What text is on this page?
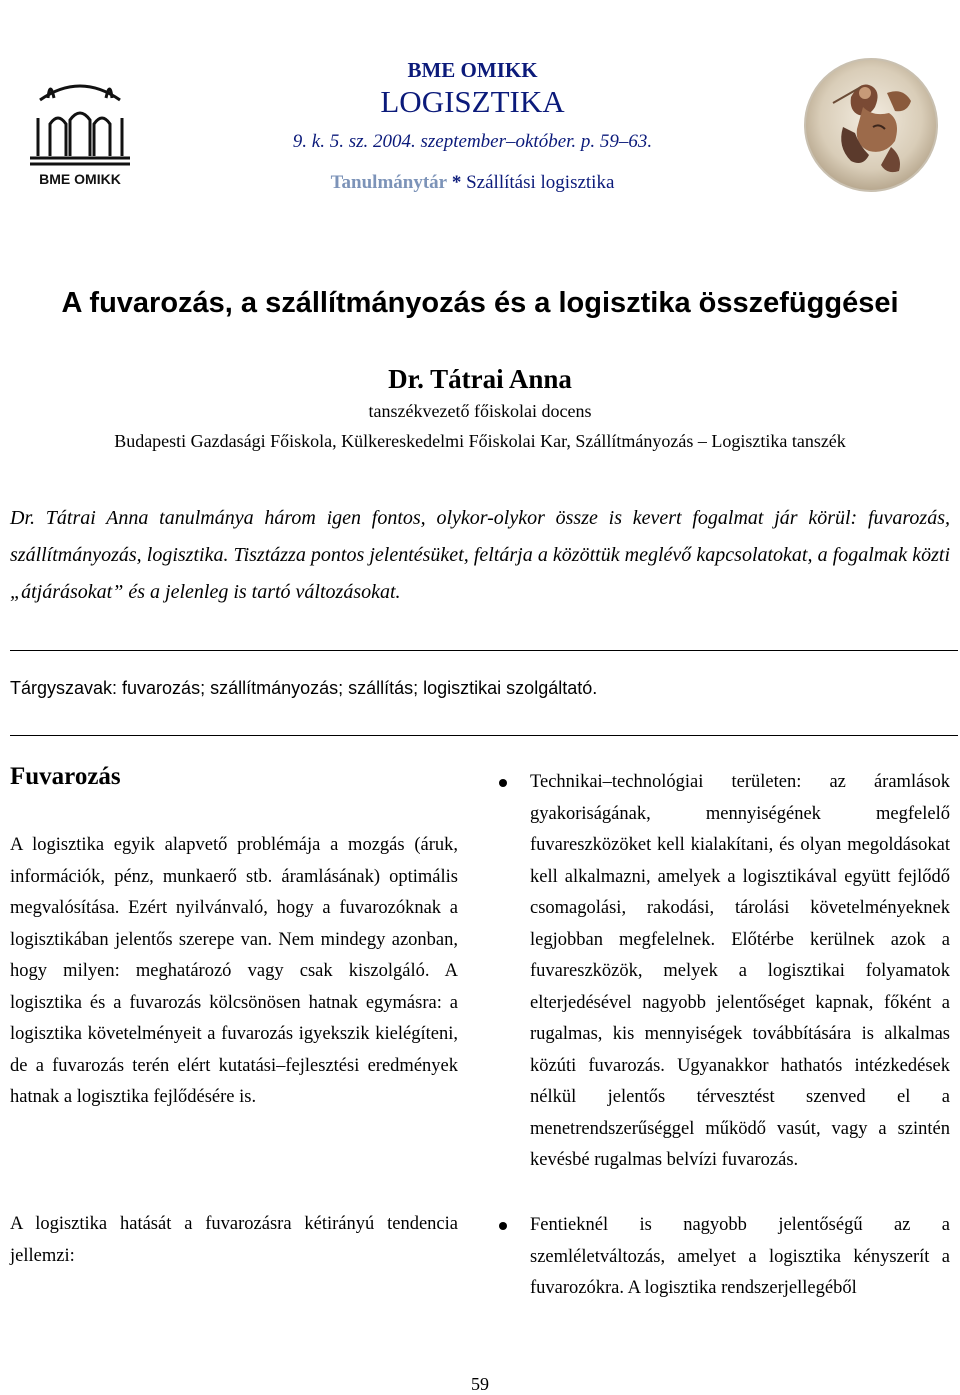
BME OMIKK
BME OMIKK
LOGISZTIKA
9. k. 5. sz. 2004. szeptember–október. p. 59–63.
Tanulmánytár * Szállítási logisztika
A fuvarozás, a szállítmányozás és a logisztika összefüggései
Dr. Tátrai Anna
tanszékvezető főiskolai docens
Budapesti Gazdasági Főiskola, Külkereskedelmi Főiskolai Kar, Szállítmányozás – Logisztika tanszék
Dr. Tátrai Anna tanulmánya három igen fontos, olykor-olykor össze is kevert fogalmat jár körül: fuvarozás, szállítmányozás, logisztika. Tisztázza pontos jelentésüket, feltárja a közöttük meglévő kapcsolatokat, a fogalmak közti „átjárásokat” és a jelenleg is tartó változásokat.
Tárgyszavak: fuvarozás; szállítmányozás; szállítás; logisztikai szolgáltató.
Fuvarozás
A logisztika egyik alapvető problémája a mozgás (áruk, információk, pénz, munkaerő stb. áramlásának) optimális megvalósítása. Ezért nyilvánvaló, hogy a fuvarozóknak a logisztikában jelentős szerepe van. Nem mindegy azonban, hogy milyen: meghatározó vagy csak kiszolgáló. A logisztika és a fuvarozás kölcsönösen hatnak egymásra: a logisztika követelményeit a fuvarozás igyekszik kielégíteni, de a fuvarozás terén elért kutatási–fejlesztési eredmények hatnak a logisztika fejlődésére is.
A logisztika hatását a fuvarozásra kétirányú tendencia jellemzi:
Technikai–technológiai területen: az áramlások gyakoriságának, mennyiségének megfelelő fuvareszközöket kell kialakítani, és olyan megoldásokat kell alkalmazni, amelyek a logisztikával együtt fejlődő csomagolási, rakodási, tárolási követelményeknek legjobban megfelelnek. Előtérbe kerülnek azok a fuvareszközök, melyek a logisztikai folyamatok elterjedésével nagyobb jelentőséget kapnak, főként a rugalmas, kis mennyiségek továbbítására is alkalmas közúti fuvarozás. Ugyanakkor hathatós intézkedések nélkül jelentős térvesztést szenved el a menetrendszerűséggel működő vasút, vagy a szintén kevésbé rugalmas belvízi fuvarozás.
Fentieknél is nagyobb jelentőségű az a szemléletváltozás, amelyet a logisztika kényszerít a fuvarozókra. A logisztika rendszerjellegéből
59
